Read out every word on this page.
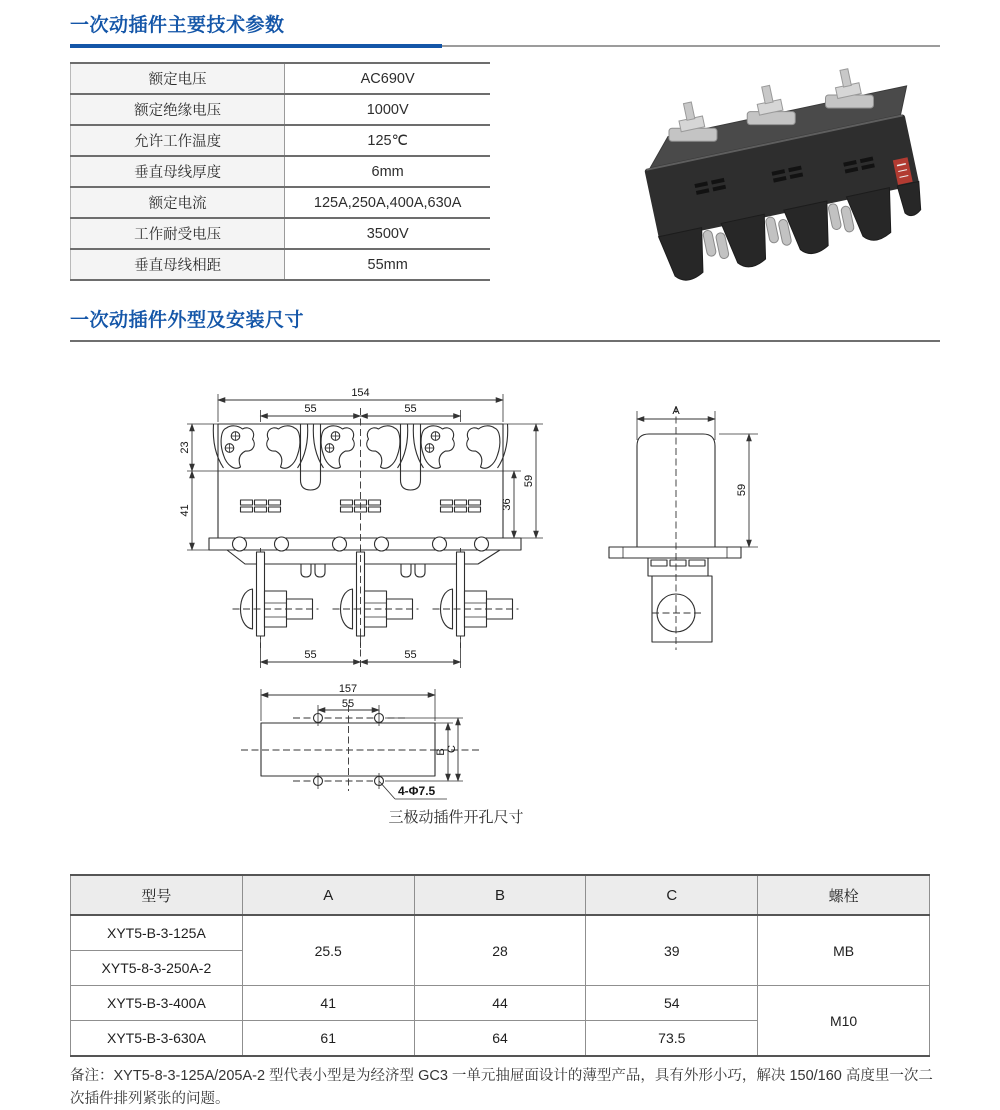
一次动插件主要技术参数
额定电压	AC690V
额定绝缘电压	1000V
允许工作温度	125℃
垂直母线厚度	6mm
额定电流	125A,250A,400A,630A
工作耐受电压	3500V
垂直母线相距	55mm
一次动插件外型及安装尺寸
154
55	55
23
41	36
59
55	55
A
59
157
55
B C
4-Φ7.5
三极动插件开孔尺寸
型号	A	B	C	螺栓
XYT5-B-3-125A	25.5	28	39	MB
XYT5-8-3-250A-2				
XYT5-B-3-400A	41	44	54	M10
XYT5-B-3-630A	61	64	73.5	

备注：XYT5-8-3-125A/205A-2 型代表小型是为经济型 GC3 一单元抽屉面设计的薄型产品，具有外形小巧，解决 150/160 高度里一次二次插件排列紧张的问题。
